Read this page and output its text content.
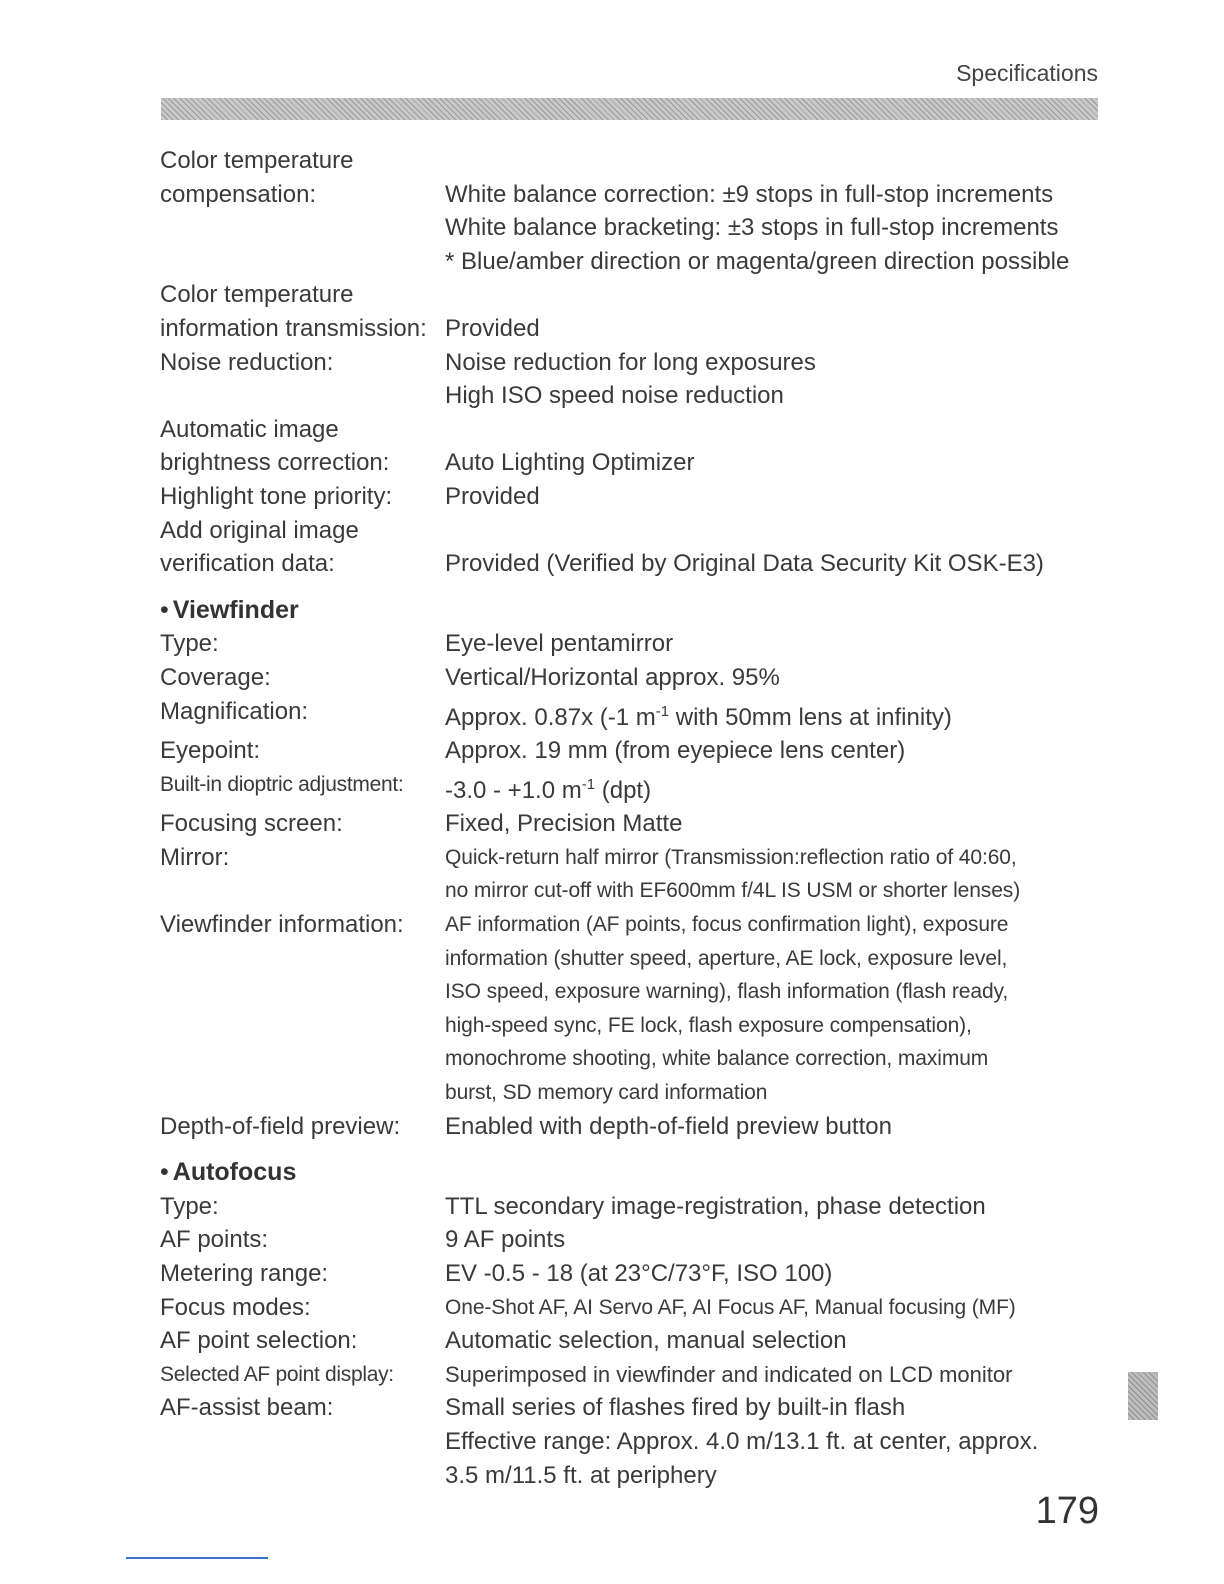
Specifications
Color temperature
compensation:	White balance correction: ±9 stops in full-stop increments
White balance bracketing: ±3 stops in full-stop increments
* Blue/amber direction or magenta/green direction possible
Color temperature
information transmission: Provided
Noise reduction:	Noise reduction for long exposures
High ISO speed noise reduction
Automatic image
brightness correction:	Auto Lighting Optimizer
Highlight tone priority:	Provided
Add original image
verification data:	Provided (Verified by Original Data Security Kit OSK-E3)
• Viewfinder
Type:	Eye-level pentamirror
Coverage:	Vertical/Horizontal approx. 95%
Magnification:	Approx. 0.87x (-1 $m^{-1}$ with 50mm lens at infinity)
Eyepoint:	Approx. 19 mm (from eyepiece lens center)
Built-in dioptric adjustment:	-3.0 - +1.0 $m^{-1}$ (dpt)
Focusing screen:	Fixed, Precision Matte
Mirror:	Quick-return half mirror (Transmission:reflection ratio of 40:60,
no mirror cut-off with EF600mm f/4L IS USM or shorter lenses)
Viewfinder information:	AF information (AF points, focus confirmation light), exposure
information (shutter speed, aperture, AE lock, exposure level,
ISO speed, exposure warning), flash information (flash ready,
high-speed sync, FE lock, flash exposure compensation),
monochrome shooting, white balance correction, maximum
burst, SD memory card information
Depth-of-field preview:	Enabled with depth-of-field preview button
• Autofocus
Type:	TTL secondary image-registration, phase detection
AF points:	9 AF points
Metering range:	EV -0.5 - 18 (at 23°C/73°F, ISO 100)
Focus modes:	One-Shot AF, AI Servo AF, AI Focus AF, Manual focusing (MF)
AF point selection:	Automatic selection, manual selection
Selected AF point display:	Superimposed in viewfinder and indicated on LCD monitor
AF-assist beam:	Small series of flashes fired by built-in flash
Effective range: Approx. 4.0 m/13.1 ft. at center, approx.
3.5 m/11.5 ft. at periphery
179
